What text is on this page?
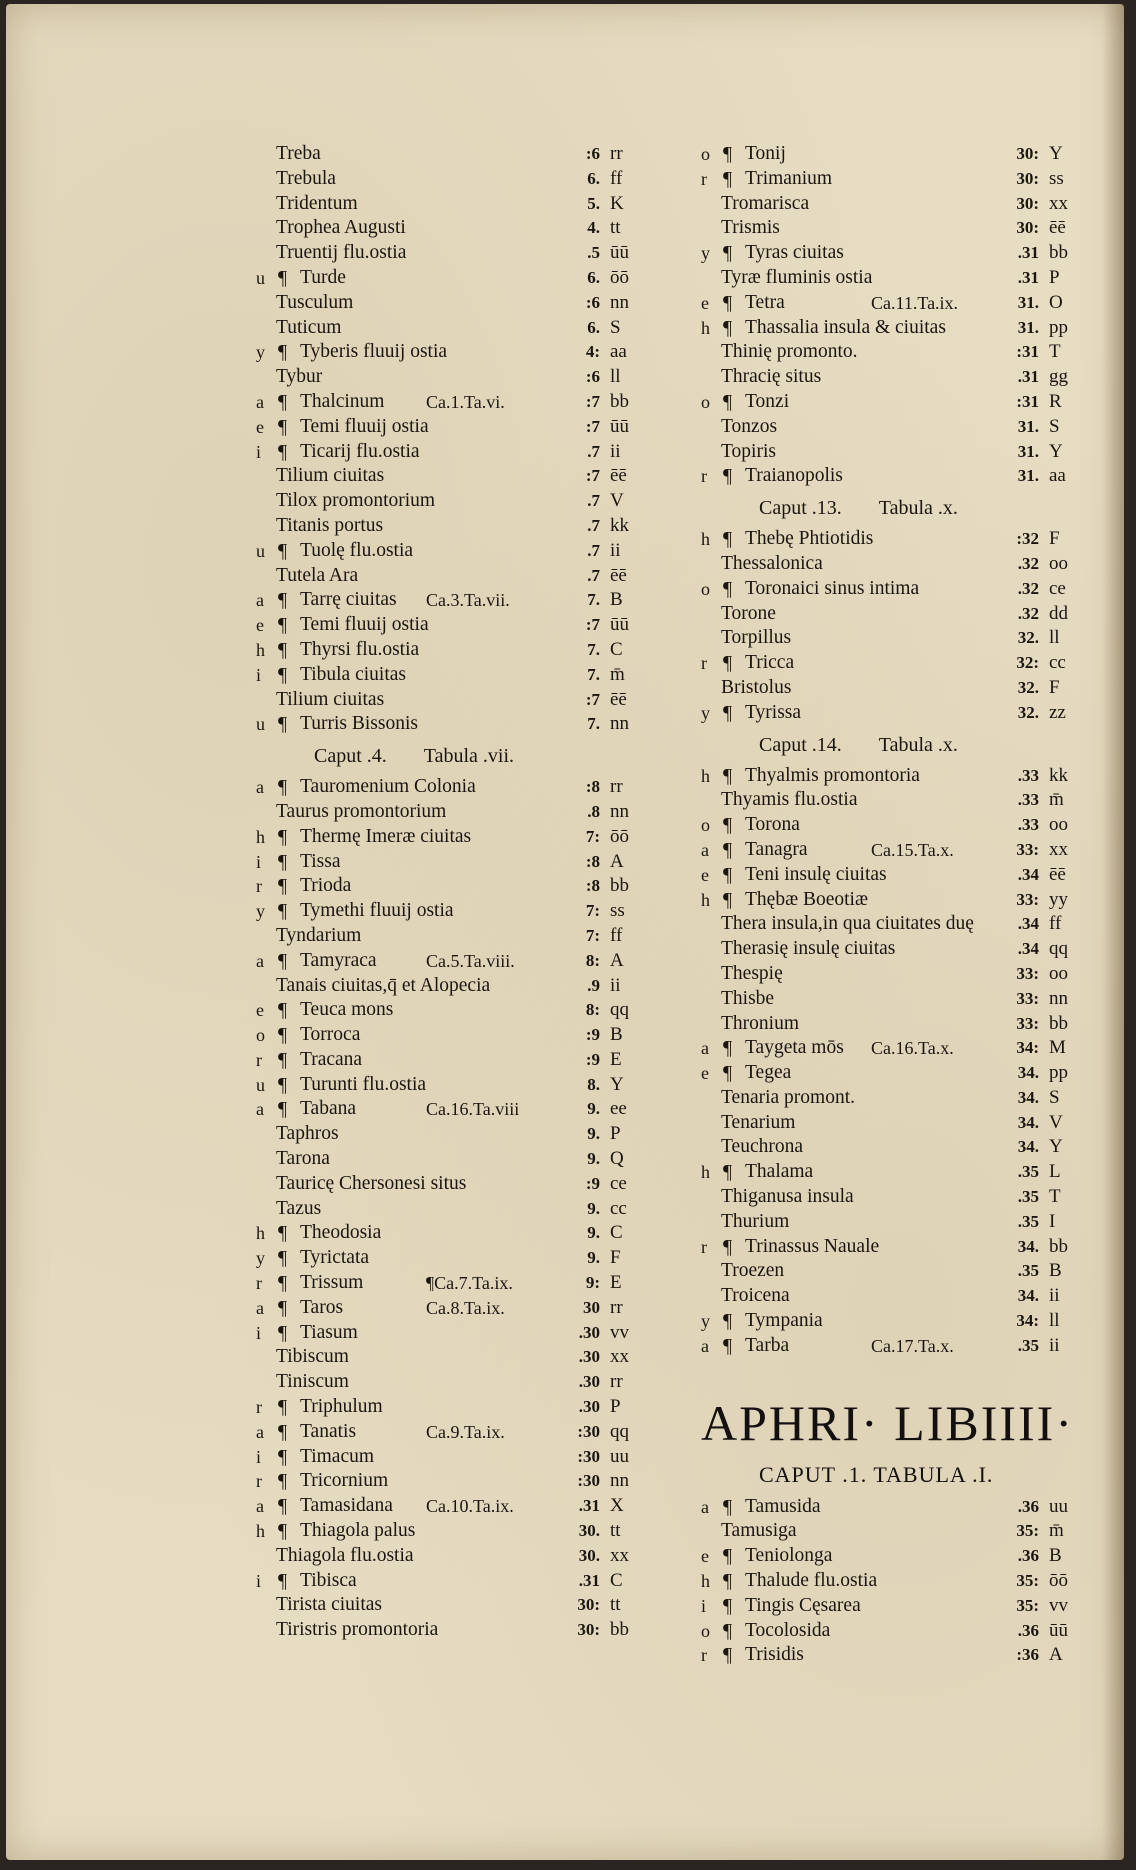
Treba	:6 rr
Trebula	6. ff
Tridentum	5. K
Trophea Augusti	4. tt
Truentij flu.ostia	.5 ūū
u ¶ Turde	6. ōō
Tusculum	:6 nn
Tuticum	6. S
y ¶ Tyberis fluuij ostia	4: aa
Tybur	:6 ll
a ¶ Thalcinum Ca.1.Ta.vi.	:7 bb
e ¶ Temi fluuij ostia	:7 ūū
i ¶ Ticarij flu.ostia	.7 ii
Tilium ciuitas	:7 ēē
Tilox promontorium	.7 V
Titanis portus	.7 kk
u ¶ Tuolę flu.ostia	.7 ii
Tutela Ara	.7 ēē
a ¶ Tarrę ciuitas Ca.3.Ta.vii.	7. B
e ¶ Temi fluuij ostia	:7 ūū
h ¶ Thyrsi flu.ostia	7. C
i ¶ Tibula ciuitas	7. m̄
Tilium ciuitas	:7 ēē
u ¶ Turris Bissonis	7. nn
Caput .4. Tabula .vii.
a ¶ Tauromenium Colonia	:8 rr
Taurus promontorium	.8 nn
h ¶ Thermę Imeræ ciuitas	7: ōō
i ¶ Tissa	:8 A
r ¶ Trioda	:8 bb
y ¶ Tymethi fluuij ostia	7: ss
Tyndarium	7: ff
a ¶ Tamyraca	Ca.5.Ta.viii.	8: A
Tanais ciuitas,q̄ et Alopecia	.9 ii
e ¶ Teuca mons	8: qq
o ¶ Torroca	:9 B
r ¶ Tracana	:9 E
u ¶ Turunti flu.ostia	8. Y
a ¶ Tabana	Ca.16.Ta.viii	9. ee
Taphros	9. P
Tarona	9. Q
Tauricę Chersonesi situs	:9 ce
Tazus	9. cc
h ¶ Theodosia	9. C
y ¶ Tyrictata	9. F
r ¶ Trissum	¶Ca.7.Ta.ix.	9: E
a ¶ Taros	Ca.8.Ta.ix.	30 rr
i ¶ Tiasum	.30 vv
Tibiscum	.30 xx
Tiniscum	.30 rr
r ¶ Triphulum	.30 P
a ¶ Tanatis	Ca.9.Ta.ix.	:30 qq
i ¶ Timacum	:30 uu
r ¶ Tricornium	:30 nn
a ¶ Tamasidana Ca.10.Ta.ix.	.31 X
h ¶ Thiagola palus	30. tt
Thiagola flu.ostia	30. xx
i ¶ Tibisca	.31 C
Tirista ciuitas	30: tt
Tiristris promontoria	30: bb
o ¶ Tonij	30: Y
r ¶ Trimanium	30: ss
Tromarisca	30: xx
Trismis	30: ēē
y ¶ Tyras ciuitas	.31 bb
Tyræ fluminis ostia	.31 P
e ¶ Tetra	Ca.11.Ta.ix.	31. O
h ¶ Thassalia insula & ciuitas	31. pp
Thinię promonto.	:31 T
Thracię situs	.31 gg
o ¶ Tonzi	:31 R
Tonzos	31. S
Topiris	31. Y
r ¶ Traianopolis	31. aa
Caput .13. Tabula .x.
h ¶ Thebę Phtiotidis	:32 F
Thessalonica	.32 oo
o ¶ Toronaici sinus intima	.32 ce
Torone	.32 dd
Torpillus	32. ll
r ¶ Tricca	32: cc
Bristolus	32. F
y ¶ Tyrissa	32. zz
Caput .14. Tabula .x.
h ¶ Thyalmis promontoria	.33 kk
Thyamis flu.ostia	.33 m̄
o ¶ Torona	.33 oo
a ¶ Tanagra	Ca.15.Ta.x.	33: xx
e ¶ Teni insulę ciuitas	.34 ēē
h ¶ Thębæ Boeotiæ	33: yy
Thera insula,in qua ciuitates duę	.34 ff
Therasię insulę ciuitas	.34 qq
Thespię	33: oo
Thisbe	33: nn
Thronium	33: bb
a ¶ Taygeta mōs Ca.16.Ta.x.	34: M
e ¶ Tegea	34. pp
Tenaria promont.	34. S
Tenarium	34. V
Teuchrona	34. Y
h ¶ Thalama	.35 L
Thiganusa insula	.35 T
Thurium	.35 I
r ¶ Trinassus Nauale	34. bb
Troezen	.35 B
Troicena	34. ii
y ¶ Tympania	34: ll
a ¶ Tarba	Ca.17.Ta.x.	.35 ii
APHRI· LIBIIII·
CAPUT .1. TABULA .I.
a ¶ Tamusida	.36 uu
Tamusiga	35: m̄
e ¶ Teniolonga	.36 B
h ¶ Thalude flu.ostia	35: ōō
i ¶ Tingis Cęsarea	35: vv
o ¶ Tocolosida	.36 ūū
r ¶ Trisidis	:36 A
